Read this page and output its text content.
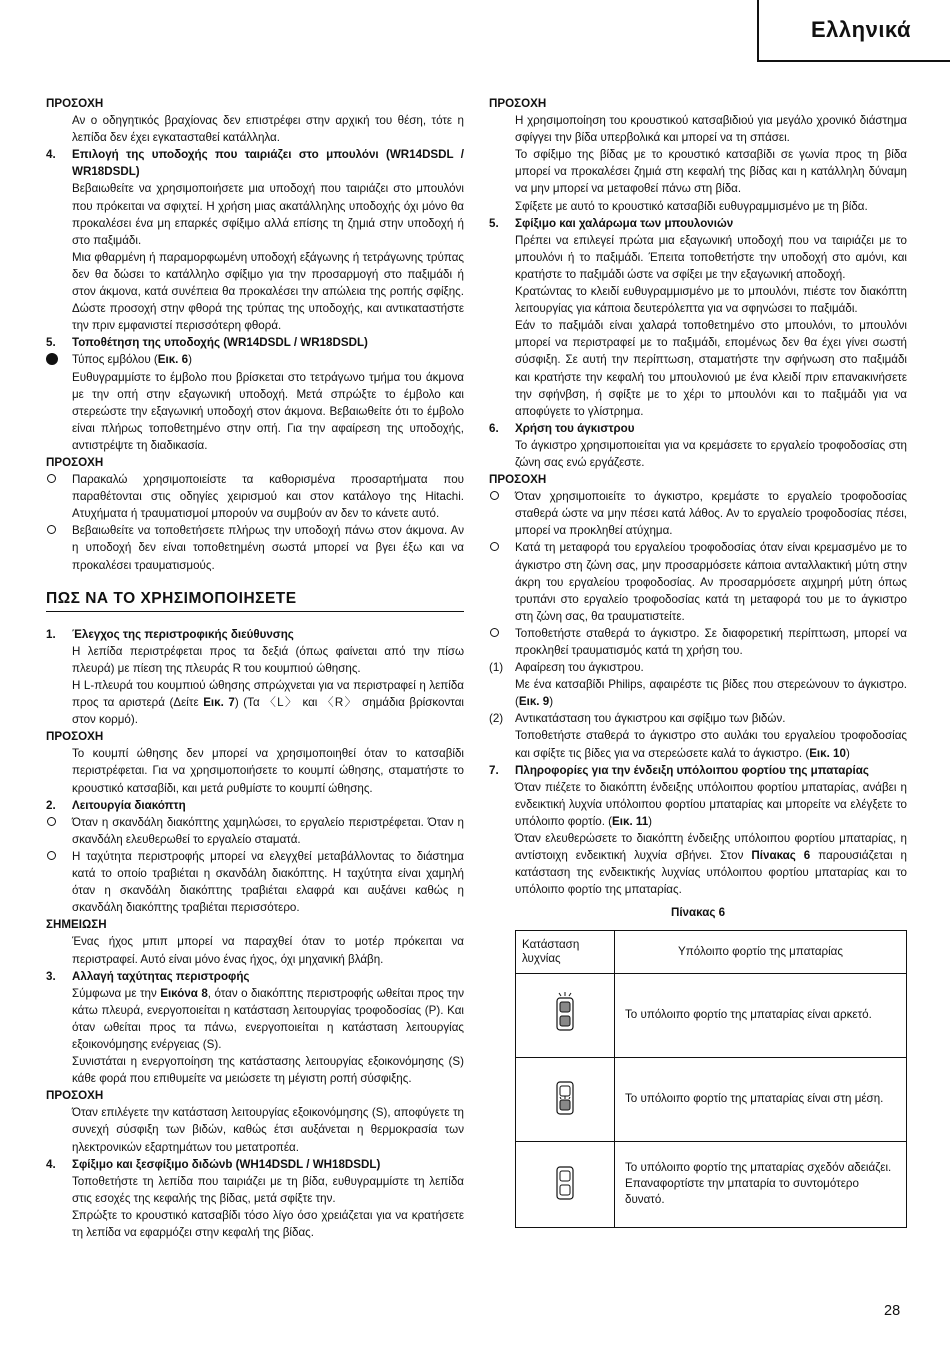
Ελληνικά

ΠΡΟΣΟΧΗ

Αν ο οδηγητικός βραχίονας δεν επιστρέφει στην αρχική του θέση, τότε η λεπίδα δεν έχει εγκατασταθεί κατάλληλα.

4.	Επιλογή της υποδοχής που ταιριάζει στο μπουλόνι (WR14DSDL / WR18DSDL)

Βεβαιωθείτε να χρησιμοποιήσετε μια υποδοχή που ταιριάζει στο μπουλόνι που πρόκειται να σφιχτεί. Η χρήση μιας ακατάλληλης υποδοχής όχι μόνο θα προκαλέσει ένα μη επαρκές σφίξιμο αλλά επίσης τη ζημιά στην υποδοχή ή στο παξιμάδι.

Μια φθαρμένη ή παραμορφωμένη υποδοχή εξάγωνης ή τετράγωνης τρύπας δεν θα δώσει το κατάλληλο σφίξιμο για την προσαρμογή στο παξιμάδι ή στον άκμονα, κατά συνέπεια θα προκαλέσει την απώλεια της ροπής σφίξης. Δώστε προσοχή στην φθορά της τρύπας της υποδοχής, και αντικαταστήστε την πριν εμφανιστεί περισσότερη φθορά.

5.	Τοποθέτηση της υποδοχής (WR14DSDL / WR18DSDL)
Τύπος εμβόλου (Εικ. 6)

Ευθυγραμμίστε το έμβολο που βρίσκεται στο τετράγωνο τμήμα του άκμονα με την οπή στην εξαγωνική υποδοχή. Μετά σπρώξτε το έμβολο και στερεώστε την εξαγωνική υποδοχή στον άκμονα. Βεβαιωθείτε ότι το έμβολο είναι πλήρως τοποθετημένο στην οπή. Για την αφαίρεση της υποδοχής, αντιστρέψτε τη διαδικασία.

ΠΡΟΣΟΧΗ

Παρακαλώ χρησιμοποιείστε τα καθορισμένα προσαρτήματα που παραθέτονται στις οδηγίες χειρισμού και στον κατάλογο της Hitachi. Ατυχήματα ή τραυματισμοί μπορούν να συμβούν αν δεν το κάνετε αυτό.
Βεβαιωθείτε να τοποθετήσετε πλήρως την υποδοχή πάνω στον άκμονα. Αν η υποδοχή δεν είναι τοποθετημένη σωστά μπορεί να βγει έξω και να προκαλέσει τραυματισμούς.
ΠΩΣ ΝΑ ΤΟ ΧΡΗΣΙΜΟΠΟΙΗΣΕΤΕ
1.	Έλεγχος της περιστροφικής διεύθυνσης

Η λεπίδα περιστρέφεται προς τα δεξιά (όπως φαίνεται από την πίσω πλευρά) με πίεση της πλευράς R του κουμπιού ώθησης.

Η L-πλευρά του κουμπιού ώθησης σπρώχνεται για να περιστραφεί η λεπίδα προς τα αριστερά (Δείτε Εικ. 7) (Τα 〈L〉 και 〈R〉 σημάδια βρίσκονται στον κορμό).

ΠΡΟΣΟΧΗ

Το κουμπί ώθησης δεν μπορεί να χρησιμοποιηθεί όταν το κατσαβίδι περιστρέφεται. Για να χρησιμοποιήσετε το κουμπί ώθησης, σταματήστε το κρουστικό κατσαβίδι, και μετά ρυθμίστε το κουμπί ώθησης.

2.	Λειτουργία διακόπτη
Όταν η σκανδάλη διακόπτης χαμηλώσει, το εργαλείο περιστρέφεται. Όταν η σκανδάλη ελευθερωθεί το εργαλείο σταματά.
Η ταχύτητα περιστροφής μπορεί να ελεγχθεί μεταβάλλοντας το διάστημα κατά το οποίο τραβιέται η σκανδάλη διακόπτης. Η ταχύτητα είναι χαμηλή όταν η σκανδάλη διακόπτης τραβιέται ελαφρά και αυξάνει καθώς η σκανδάλη διακόπτης τραβιέται περισσότερο.

ΣΗΜΕΙΩΣΗ

Ένας ήχος μπιπ μπορεί να παραχθεί όταν το μοτέρ πρόκειται να περιστραφεί. Αυτό είναι μόνο ένας ήχος, όχι μηχανική βλάβη.

3.	Αλλαγή ταχύτητας περιστροφής

Σύμφωνα με την Εικόνα 8, όταν ο διακόπτης περιστροφής ωθείται προς την κάτω πλευρά, ενεργοποιείται η κατάσταση λειτουργίας τροφοδοσίας (P). Και όταν ωθείται προς τα πάνω, ενεργοποιείται η κατάσταση λειτουργίας εξοικονόμησης ενέργειας (S).

Συνιστάται η ενεργοποίηση της κατάστασης λειτουργίας εξοικονόμησης (S) κάθε φορά που επιθυμείτε να μειώσετε τη μέγιστη ροπή σύσφιξης.

ΠΡΟΣΟΧΗ

Όταν επιλέγετε την κατάσταση λειτουργίας εξοικονόμησης (S), αποφύγετε τη συνεχή σύσφιξη των βιδών, καθώς έτσι αυξάνεται η θερμοκρασία των ηλεκτρονικών εξαρτημάτων του μετατροπέα.

4.	Σφίξιμο και ξεσφίξιμο διδώνb (WH14DSDL / WH18DSDL)

Τοποθετήστε τη λεπίδα που ταιριάζει με τη βίδα, ευθυγραμμίστε τη λεπίδα στις εσοχές της κεφαλής της βίδας, μετά σφίξτε την.

Σπρώξτε το κρουστικό κατσαβίδι τόσο λίγο όσο χρειάζεται για να κρατήσετε τη λεπίδα να εφαρμόζει στην κεφαλή της βίδας.

ΠΡΟΣΟΧΗ

Η χρησιμοποίηση του κρουστικού κατσαβιδιού για μεγάλο χρονικό διάστημα σφίγγει την βίδα υπερβολικά και μπορεί να τη σπάσει.

Το σφίξιμο της βίδας με το κρουστικό κατσαβίδι σε γωνία προς τη βίδα μπορεί να προκαλέσει ζημιά στη κεφαλή της βίδας και η κατάλληλη δύναμη να μην μπορεί να μεταφοθεί πάνω στη βίδα.

Σφίξετε με αυτό το κρουστικό κατσαβίδι ευθυγραμμισμένο με τη βίδα.

5.	Σφίξιμο και χαλάρωμα των μπουλονιών

Πρέπει να επιλεγεί πρώτα μια εξαγωνική υποδοχή που να ταιριάζει με το μπουλόνι ή το παξιμάδι. Έπειτα τοποθετήστε την υποδοχή στο αμόνι, και κρατήστε το παξιμάδι ώστε να σφίξει με την εξαγωνική αποδοχή.

Κρατώντας το κλειδί ευθυγραμμισμένο με το μπουλόνι, πιέστε τον διακόπτη λειτουργίας για κάποια δευτερόλεπτα για να σφηνώσει το παξιμάδι.

Εάν το παξιμάδι είναι χαλαρά τοποθετημένο στο μπουλόνι, το μπουλόνι μπορεί να περιστραφεί με το παξιμάδι, επομένως δεν θα έχει γίνει σωστή σύσφιξη. Σε αυτή την περίπτωση, σταματήστε την σφήνωση στο παξιμάδι και κρατήστε την κεφαλή του μπουλονιού με ένα κλειδί πριν επανακινήσετε την σφήνβση, ή σφίξτε με το χέρι το μπουλόνι και το παξιμάδι για να αποφύγετε το γλίστρημα.

6.	Χρήση του άγκιστρου

Το άγκιστρο χρησιμοποιείται για να κρεμάσετε το εργαλείο τροφοδοσίας στη ζώνη σας ενώ εργάζεστε.

ΠΡΟΣΟΧΗ

Όταν χρησιμοποιείτε το άγκιστρο, κρεμάστε το εργαλείο τροφοδοσίας σταθερά ώστε να μην πέσει κατά λάθος. Αν το εργαλείο τροφοδοσίας πέσει, μπορεί να προκληθεί ατύχημα.
Κατά τη μεταφορά του εργαλείου τροφοδοσίας όταν είναι κρεμασμένο με το άγκιστρο στη ζώνη σας, μην προσαρμόσετε κάποια ανταλλακτική μύτη στην άκρη του εργαλείου τροφοδοσίας. Αν προσαρμόσετε αιχμηρή μύτη όπως τρυπάνι στο εργαλείο τροφοδοσίας κατά τη μεταφορά του με το άγκιστρο στη ζώνη σας, θα τραυματιστείτε.
Τοποθετήστε σταθερά το άγκιστρο. Σε διαφορετική περίπτωση, μπορεί να προκληθεί τραυματισμός κατά τη χρήση του.
(1)	Αφαίρεση του άγκιστρου.

Με ένα κατσαβίδι Philips, αφαιρέστε τις βίδες που στερεώνουν το άγκιστρο. (Εικ. 9)

(2)	Αντικατάσταση του άγκιστρου και σφίξιμο των βιδών.

Τοποθετήστε σταθερά το άγκιστρο στο αυλάκι του εργαλείου τροφοδοσίας και σφίξτε τις βίδες για να στερεώσετε καλά το άγκιστρο. (Εικ. 10)

7.	Πληροφορίες για την ένδειξη υπόλοιπου φορτίου της μπαταρίας

Όταν πιέζετε το διακόπτη ένδειξης υπόλοιπου φορτίου μπαταρίας, ανάβει η ενδεικτική λυχνία υπόλοιπου φορτίου μπαταρίας και μπορείτε να ελέγξετε το υπόλοιπο φορτίο. (Εικ. 11)

Όταν ελευθερώσετε το διακόπτη ένδειξης υπόλοιπου φορτίου μπαταρίας, η αντίστοιχη ενδεικτική λυχνία σβήνει. Στον Πίνακας 6 παρουσιάζεται η κατάσταση της ενδεικτικής λυχνίας υπόλοιπου φορτίου μπαταρίας και το υπόλοιπο φορτίο της μπαταρίας.

Πίνακας 6

Κατάσταση λυχνίας	Υπόλοιπο φορτίο της μπαταρίας

	Το υπόλοιπο φορτίο της μπαταρίας είναι αρκετό.

	Το υπόλοιπο φορτίο της μπαταρίας είναι στη μέση.

	Το υπόλοιπο φορτίο της μπαταρίας σχεδόν αδειάζει. Επαναφορτίστε την μπαταρία το συντομότερο δυνατό.
28
